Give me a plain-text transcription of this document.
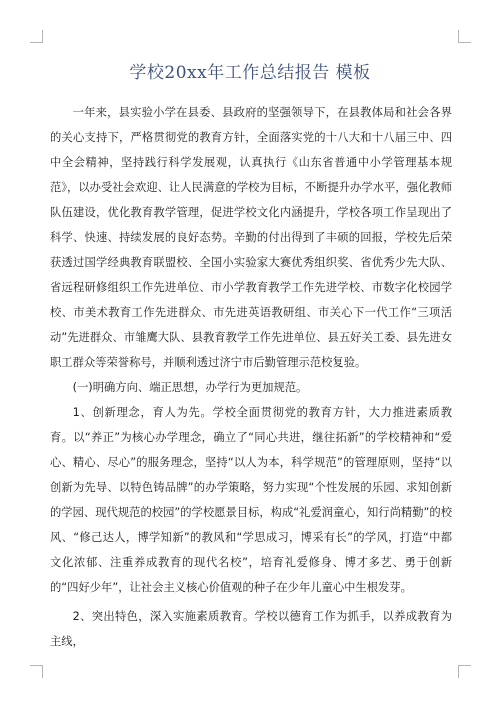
学校20xx年工作总结报告 模板

一年来，县实验小学在县委、县政府的坚强领导下，在县教体局和社会各界的关心支持下，严格贯彻党的教育方针，全面落实党的十八大和十八届三中、四中全会精神，坚持践行科学发展观，认真执行《山东省普通中小学管理基本规范》，以办受社会欢迎、让人民满意的学校为目标，不断提升办学水平，强化教师队伍建设，优化教育教学管理，促进学校文化内涵提升，学校各项工作呈现出了科学、快速、持续发展的良好态势。辛勤的付出得到了丰硕的回报，学校先后荣获透过国学经典教育联盟校、全国小实验家大赛优秀组织奖、省优秀少先大队、省远程研修组织工作先进单位、市小学教育教学工作先进学校、市数字化校园学校、市美术教育工作先进群众、市先进英语教研组、市关心下一代工作“三项活动”先进群众、市雏鹰大队、县教育教学工作先进单位、县五好关工委、县先进女职工群众等荣誉称号，并顺利透过济宁市后勤管理示范校复验。

(一)明确方向、端正思想，办学行为更加规范。

1、创新理念，育人为先。学校全面贯彻党的教育方针，大力推进素质教育。以“养正”为核心办学理念，确立了“同心共进，继往拓新”的学校精神和“爱心、精心、尽心”的服务理念，坚持“以人为本，科学规范”的管理原则，坚持“以创新为先导、以特色铸品牌”的办学策略，努力实现“个性发展的乐园、求知创新的学园、现代规范的校园”的学校愿景目标，构成“礼爱润童心，知行尚精勤”的校风、“修己达人，博学知新”的教风和“学思成习，博采有长”的学风，打造“中都文化浓郁、注重养成教育的现代名校”，培育礼爱修身、博才多艺、勇于创新的“四好少年”，让社会主义核心价值观的种子在少年儿童心中生根发芽。

2、突出特色，深入实施素质教育。学校以德育工作为抓手，以养成教育为主线，
